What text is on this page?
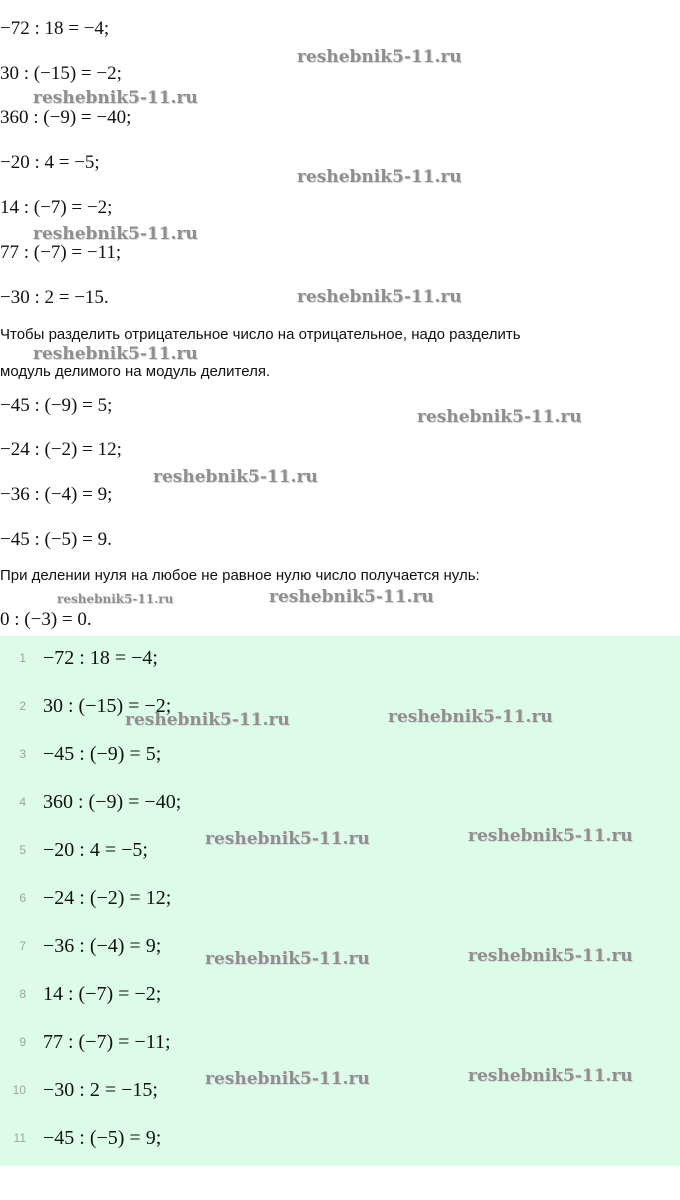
−72 : 18 = −4;
30 : (−15) = −2;
360 : (−9) = −40;
−20 : 4 = −5;
14 : (−7) = −2;
77 : (−7) = −11;
−30 : 2 = −15.
Чтобы разделить отрицательное число на отрицательное, надо разделить
модуль делимого на модуль делителя.
−45 : (−9) = 5;
−24 : (−2) = 12;
−36 : (−4) = 9;
−45 : (−5) = 9.
При делении нуля на любое не равное нулю число получается нуль:
0 : (−3) = 0.
reshebnik5-11.ru
reshebnik5-11.ru
reshebnik5-11.ru
reshebnik5-11.ru
reshebnik5-11.ru
reshebnik5-11.ru
reshebnik5-11.ru
reshebnik5-11.ru
reshebnik5-11.ru	reshebnik5-11.ru
1 −72 : 18 = −4;
2 30 : (−15) = −2;
3 −45 : (−9) = 5;
4 360 : (−9) = −40;
5 −20 : 4 = −5;
6 −24 : (−2) = 12;
7 −36 : (−4) = 9;
8 14 : (−7) = −2;
9 77 : (−7) = −11;
10 −30 : 2 = −15;
11 −45 : (−5) = 9;
reshebnik5-11.ru	reshebnik5-11.ru
reshebnik5-11.ru	reshebnik5-11.ru
reshebnik5-11.ru	reshebnik5-11.ru
reshebnik5-11.ru	reshebnik5-11.ru
